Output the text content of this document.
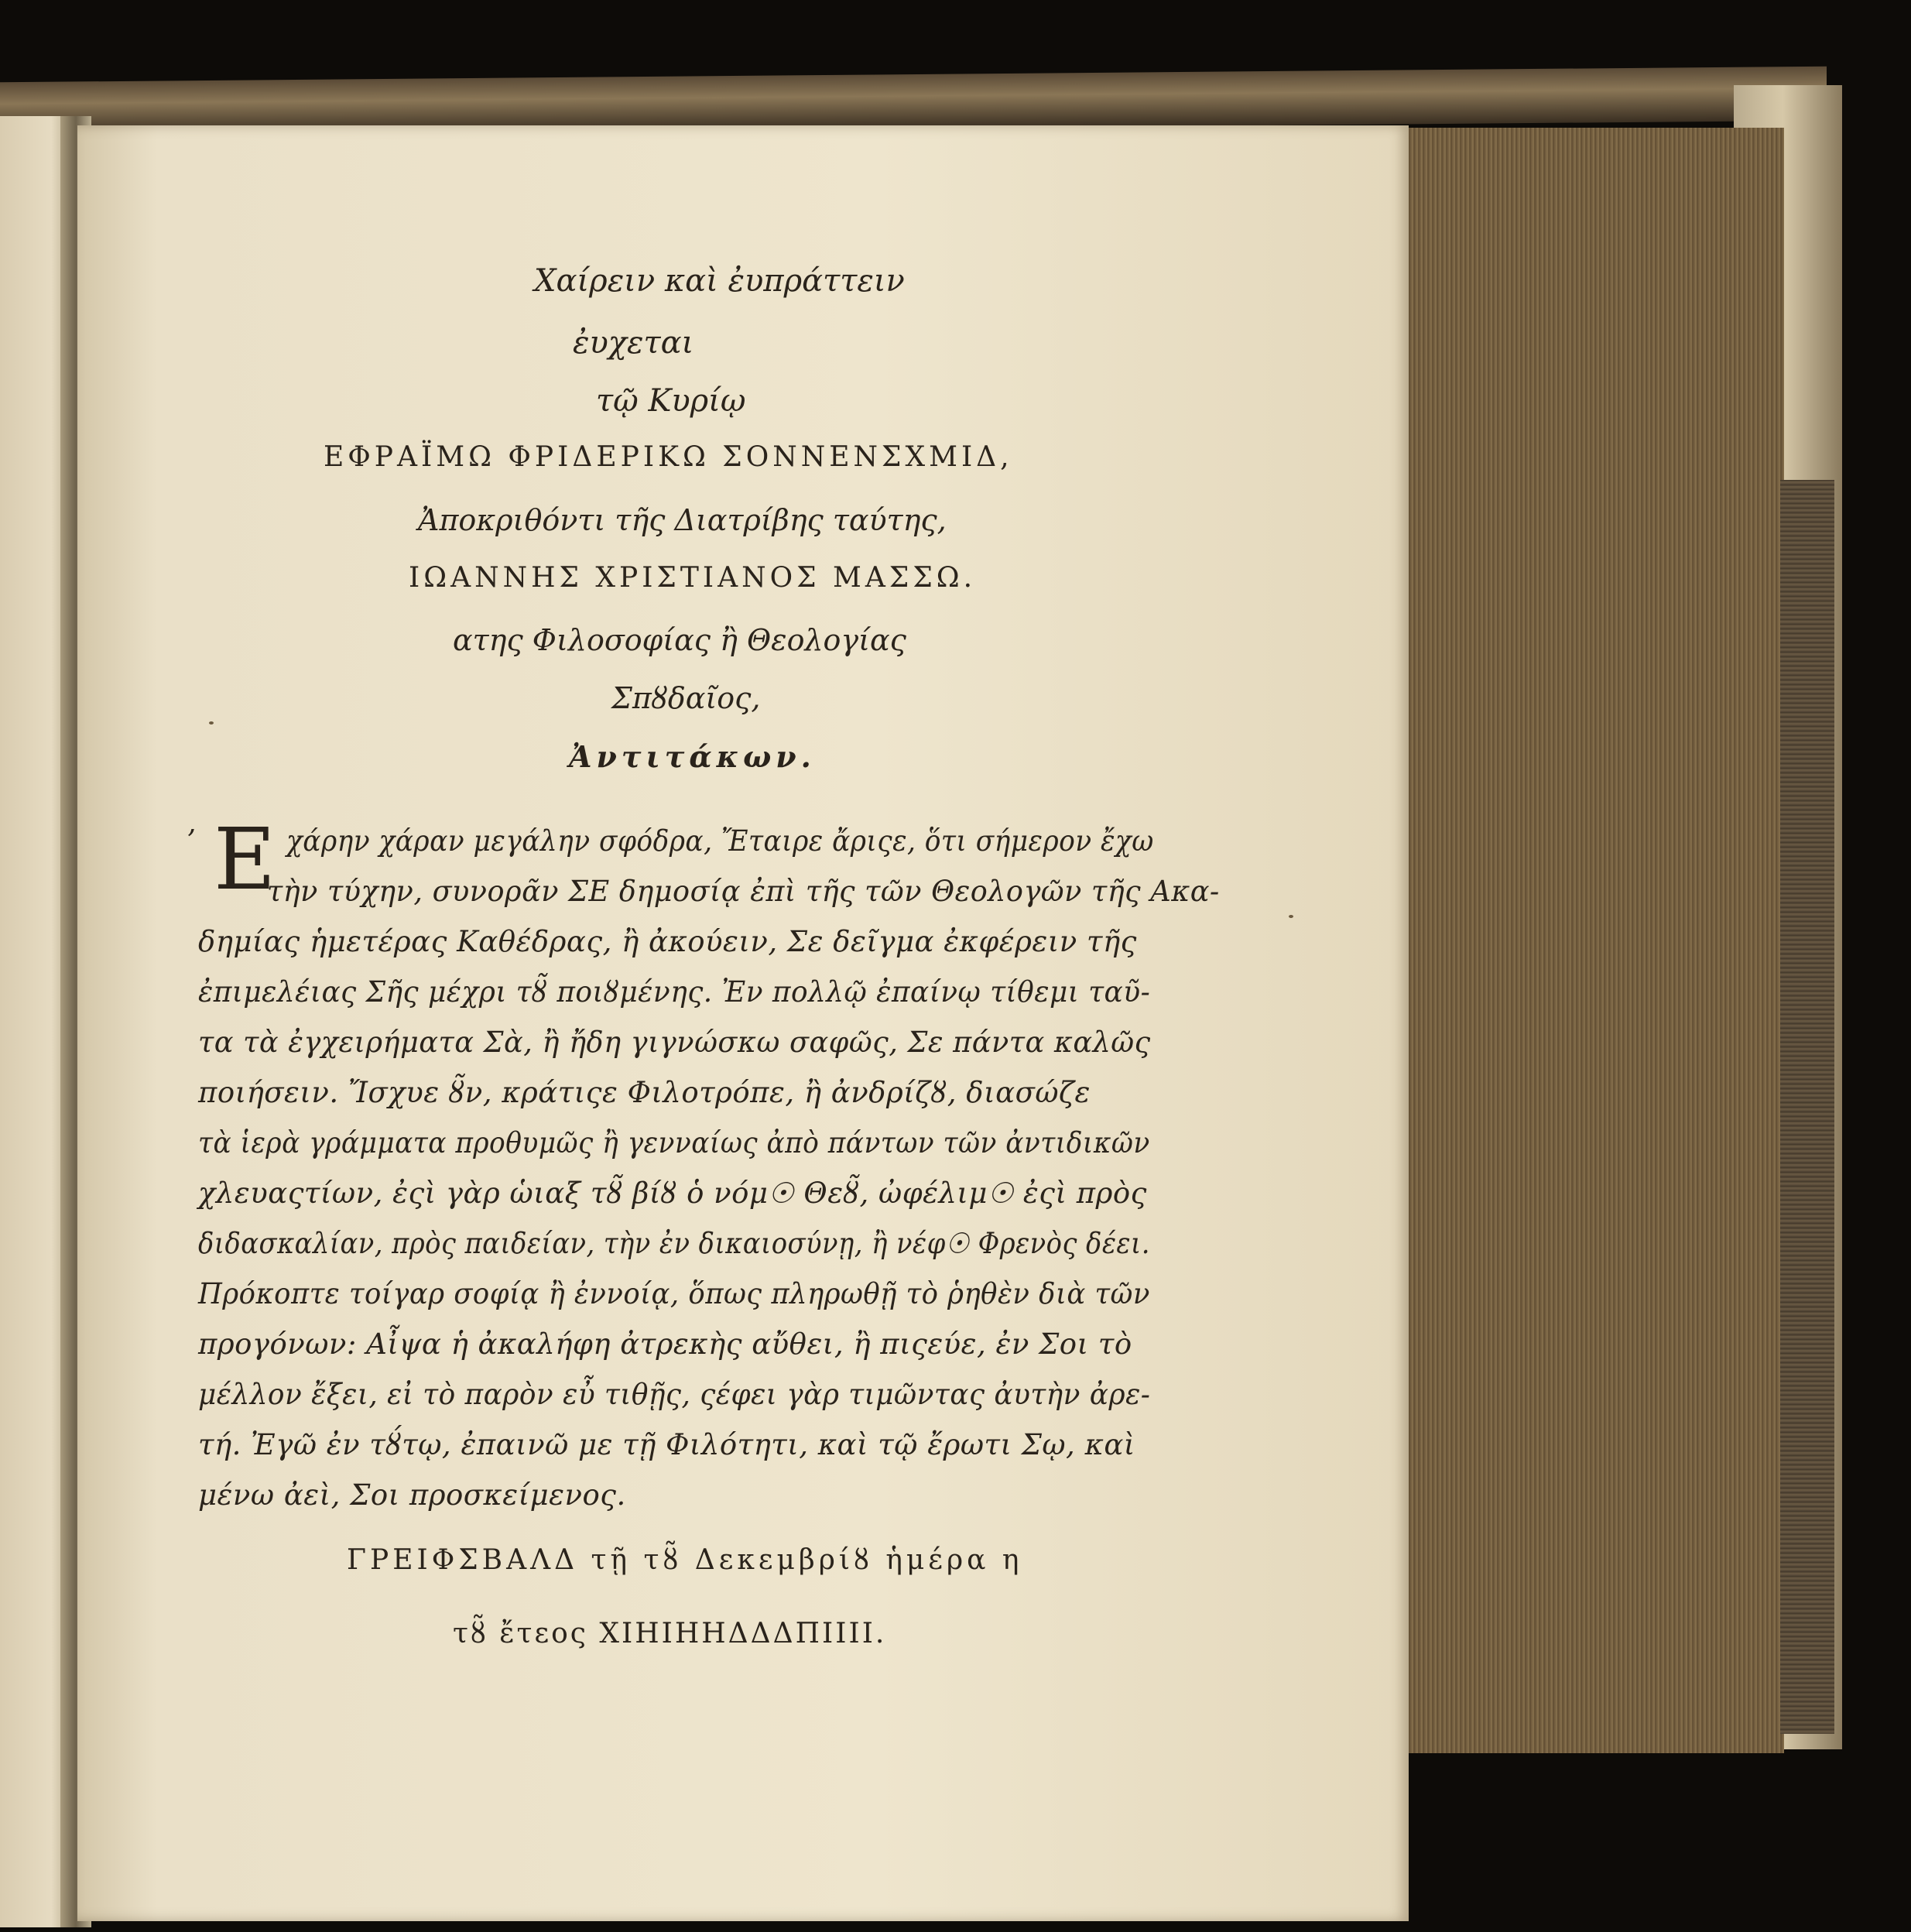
Χαίρειν καὶ ἐυπράττειν
ἐυχεται
τῷ Κυρίῳ
ΕΦΡΑΪΜΩ ΦΡΙΔΕΡΙΚΩ ΣΟΝΝΕΝΣΧΜΙΔ,
Ἀποκριθόντι τῆς Διατρίβης ταύτης,
ΙΩΑΝΝΗΣ ΧΡΙΣΤΙΑΝΟΣ ΜΑΣΣΩ.
ατης Φιλοσοφίας ἢ Θεολογίας
Σπȣδαῖος,
Ἀντιτάκων.
ʼ Ε χάρην χάραν μεγάλην σφόδρα, Ἔταιρε ἄριςε, ὅτι σήμερον ἔχω
τὴν τύχην, συνορᾶν ΣΕ δημοσίᾳ ἐπὶ τῆς τῶν Θεολογῶν τῆς Ακα-
δημίας ἡμετέρας Καθέδρας, ἢ ἀκούειν, Σε δεῖγμα ἐκφέρειν τῆς
ἐπιμελέιας Σῆς μέχρι τȣ̃ ποιȣμένης. Ἐν πολλῷ ἐπαίνῳ τίθεμι ταῦ-
τα τὰ ἐγχειρήματα Σὰ, ἢ ἤδη γιγνώσκω σαφῶς, Σε πάντα καλῶς
ποιήσειν. Ἴσχυε ȣ̃ν, κράτιςε Φιλοτρόπε, ἢ ἀνδρίζȣ, διασώζε
τὰ ἱερὰ γράμματα προθυμῶς ἢ γενναίως ἀπὸ πάντων τῶν ἀντιδικῶν
χλευαςτίων, ἐςὶ γὰρ ὡιαξ τȣ̃ βίȣ ὁ νόμ☉ Θεȣ̃, ὠφέλιμ☉ ἐςὶ πρὸς
διδασκαλίαν, πρὸς παιδείαν, τὴν ἐν δικαιοσύνῃ, ἢ νέφ☉ Φρενὸς δέει.
Πρόκοπτε τοίγαρ σοφίᾳ ἢ ἐννοίᾳ, ὅπως πληρωθῇ τὸ ῥηθὲν διὰ τῶν
προγόνων: Αἶψα ἡ ἀκαλήφη ἀτρεκὴς αὔθει, ἢ πιςεύε, ἐν Σοι τὸ
μέλλον ἔξει, εἰ τὸ παρὸν εὖ τιθῇς, ςέφει γὰρ τιμῶντας ἀυτὴν ἀρε-
τή. Ἐγῶ ἐν τȣ́τῳ, ἐπαινῶ με τῇ Φιλότητι, καὶ τῷ ἔρωτι Σῳ, καὶ
μένω ἀεὶ, Σοι προσκείμενος.
ΓΡΕΙΦΣΒΑΛΔ τῇ τȣ̃ Δεκεμβρίȣ ἡμέρα η
τȣ̃ ἔτεος ΧΙΗΙΗΗΔΔΔΠΙΙΙΙ.
